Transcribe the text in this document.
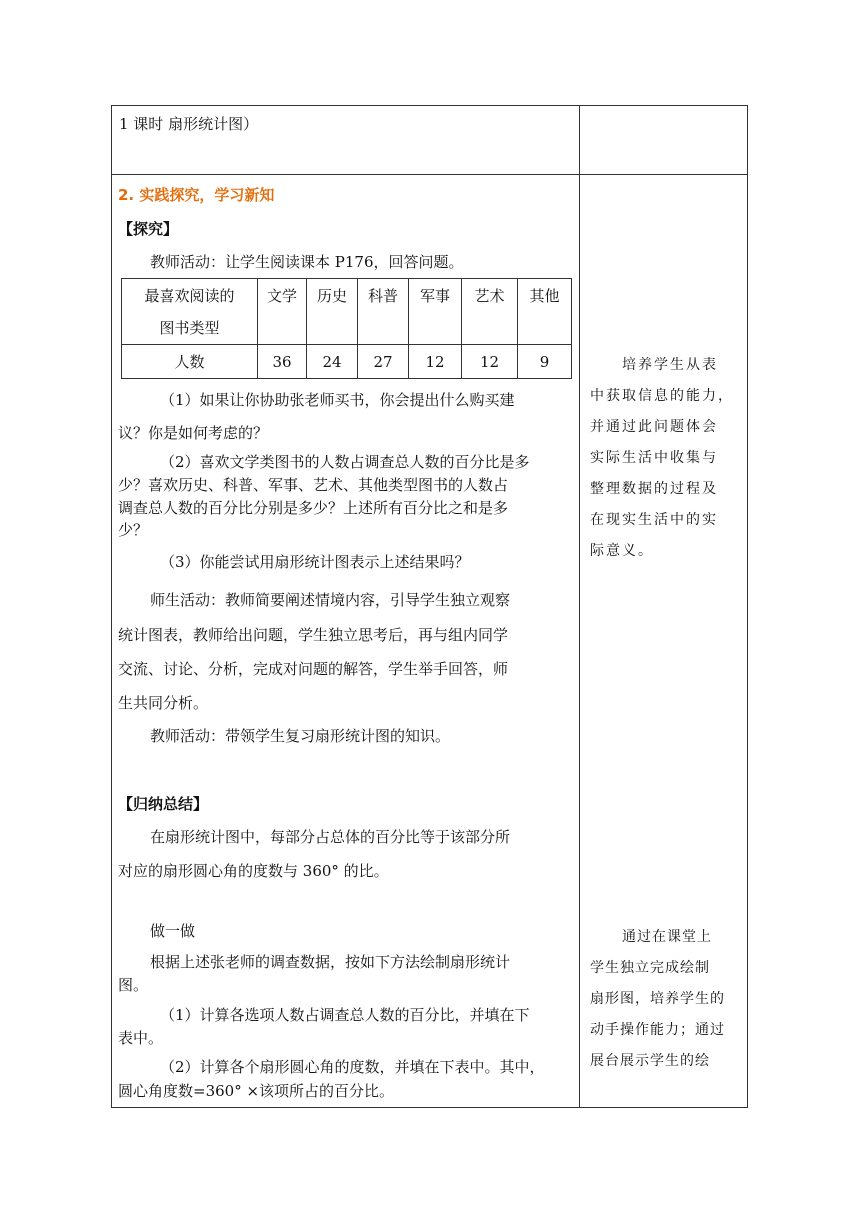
1 课时 扇形统计图）
2. 实践探究，学习新知
【探究】
教师活动：让学生阅读课本 P176，回答问题。
最喜欢阅读的
图书类型	文学	历史	科普	军事	艺术	其他
人数	36	24	27	12	12	9
（1）如果让你协助张老师买书，你会提出什么购买建
议？你是如何考虑的？
（2）喜欢文学类图书的人数占调查总人数的百分比是多
少？喜欢历史、科普、军事、艺术、其他类型图书的人数占
调查总人数的百分比分别是多少？上述所有百分比之和是多
少？
（3）你能尝试用扇形统计图表示上述结果吗？
师生活动：教师简要阐述情境内容，引导学生独立观察
统计图表，教师给出问题，学生独立思考后，再与组内同学
交流、讨论、分析，完成对问题的解答，学生举手回答，师
生共同分析。
教师活动：带领学生复习扇形统计图的知识。
【归纳总结】
在扇形统计图中，每部分占总体的百分比等于该部分所
对应的扇形圆心角的度数与 360° 的比。
做一做
根据上述张老师的调查数据，按如下方法绘制扇形统计
图。
（1）计算各选项人数占调查总人数的百分比，并填在下
表中。
（2）计算各个扇形圆心角的度数，并填在下表中。其中，
圆心角度数=360° ×该项所占的百分比。
培养学生从表
中获取信息的能力，
并通过此问题体会
实际生活中收集与
整理数据的过程及
在现实生活中的实
际意义。
通过在课堂上
学生独立完成绘制
扇形图，培养学生的
动手操作能力；通过
展台展示学生的绘
